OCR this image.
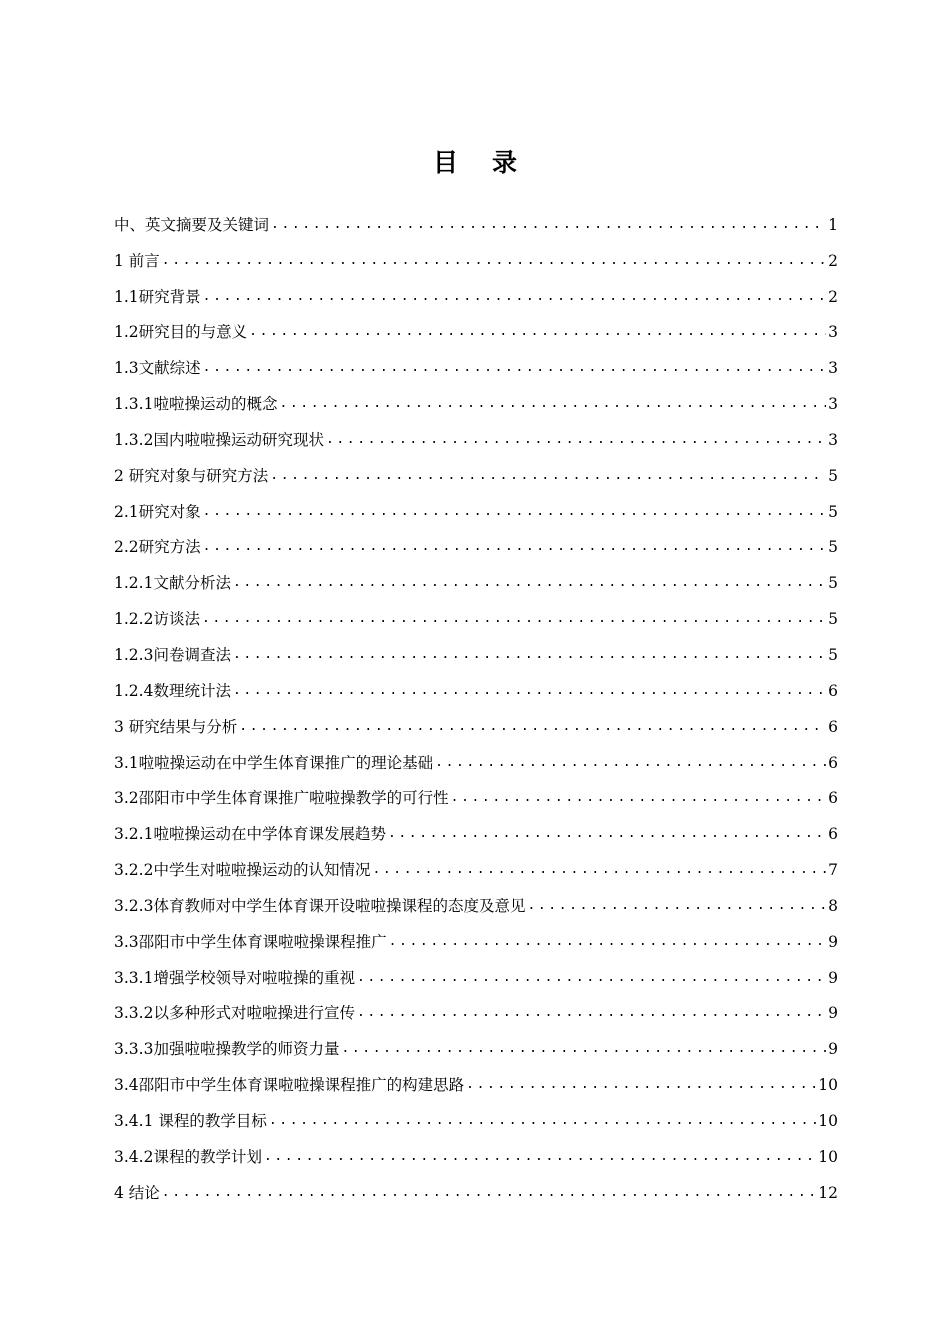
目录
中、英文摘要及关键词 .....	1
1 前言 .....	2
1.1研究背景 .....	2
1.2研究目的与意义 .....	3
1.3文献综述 .....	3
1.3.1啦啦操运动的概念 .....	3
1.3.2国内啦啦操运动研究现状 .....	3
2 研究对象与研究方法 .....	5
2.1研究对象 .....	5
2.2研究方法 .....	5
1.2.1文献分析法 .....	5
1.2.2访谈法 .....	5
1.2.3问卷调查法 .....	5
1.2.4数理统计法 .....	6
3 研究结果与分析 .....	6
3.1啦啦操运动在中学生体育课推广的理论基础 .....	6
3.2邵阳市中学生体育课推广啦啦操教学的可行性 .....	6
3.2.1啦啦操运动在中学体育课发展趋势 .....	6
3.2.2中学生对啦啦操运动的认知情况 .....	7
3.2.3体育教师对中学生体育课开设啦啦操课程的态度及意见 .....	8
3.3邵阳市中学生体育课啦啦操课程推广 .....	9
3.3.1增强学校领导对啦啦操的重视 .....	9
3.3.2以多种形式对啦啦操进行宣传 .....	9
3.3.3加强啦啦操教学的师资力量 .....	9
3.4邵阳市中学生体育课啦啦操课程推广的构建思路 .....	10
3.4.1 课程的教学目标 .....	10
3.4.2课程的教学计划 .....	10
4 结论 .....	12
